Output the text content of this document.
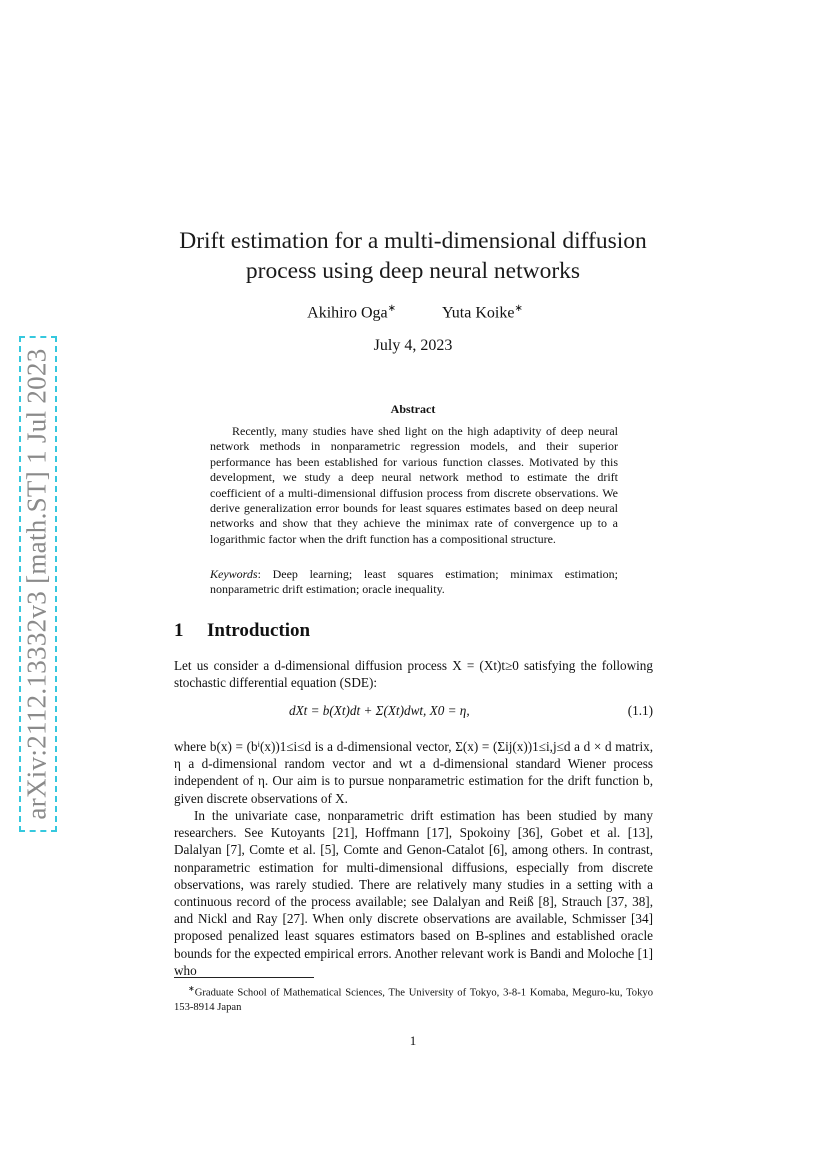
arXiv:2112.13332v3 [math.ST] 1 Jul 2023
Drift estimation for a multi-dimensional diffusion
process using deep neural networks
Akihiro Oga∗	Yuta Koike∗
July 4, 2023
Abstract
Recently, many studies have shed light on the high adaptivity of deep neural network methods in nonparametric regression models, and their superior performance has been established for various function classes. Motivated by this development, we study a deep neural network method to estimate the drift coefficient of a multi-dimensional diffusion process from discrete observations. We derive generalization error bounds for least squares estimates based on deep neural networks and show that they achieve the minimax rate of convergence up to a logarithmic factor when the drift function has a compositional structure.
Keywords: Deep learning; least squares estimation; minimax estimation; nonparametric drift estimation; oracle inequality.
1 Introduction
Let us consider a d-dimensional diffusion process X = (Xt)t≥0 satisfying the following stochastic differential equation (SDE):
dXt = b(Xt)dt + Σ(Xt)dwt, X0 = η,	(1.1)
where b(x) = (bⁱ(x))1≤i≤d is a d-dimensional vector, Σ(x) = (Σij(x))1≤i,j≤d a d × d matrix, η a d-dimensional random vector and wt a d-dimensional standard Wiener process independent of η. Our aim is to pursue nonparametric estimation for the drift function b, given discrete observations of X.
In the univariate case, nonparametric drift estimation has been studied by many researchers. See Kutoyants [21], Hoffmann [17], Spokoiny [36], Gobet et al. [13], Dalalyan [7], Comte et al. [5], Comte and Genon-Catalot [6], among others. In contrast, nonparametric estimation for multi-dimensional diffusions, especially from discrete observations, was rarely studied. There are relatively many studies in a setting with a continuous record of the process available; see Dalalyan and Reiß [8], Strauch [37, 38], and Nickl and Ray [27]. When only discrete observations are available, Schmisser [34] proposed penalized least squares estimators based on B-splines and established oracle bounds for the expected empirical errors. Another relevant work is Bandi and Moloche [1] who
∗Graduate School of Mathematical Sciences, The University of Tokyo, 3-8-1 Komaba, Meguro-ku, Tokyo 153-8914 Japan
1
